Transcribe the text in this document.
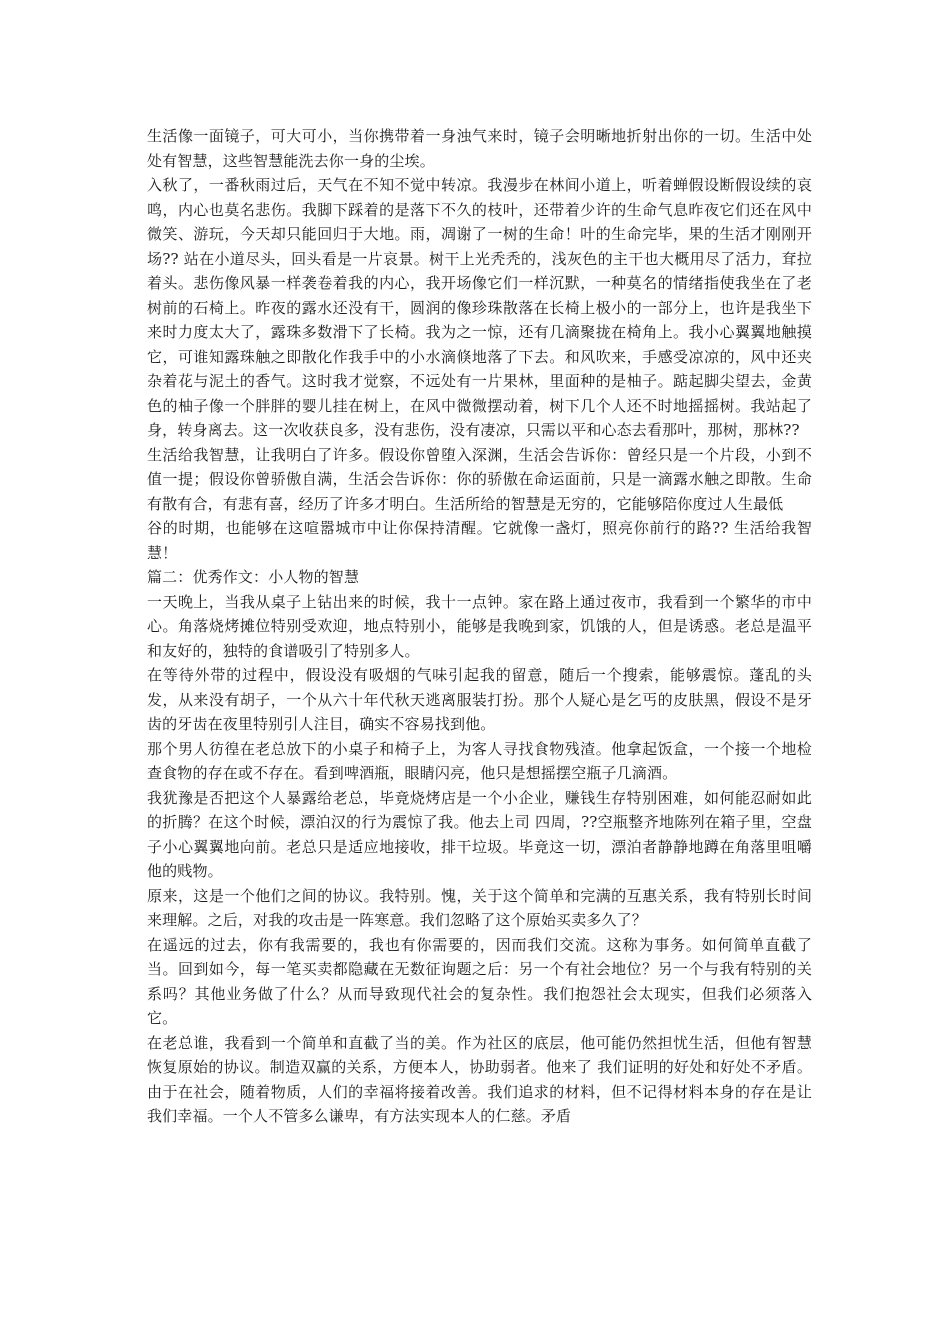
生活像一面镜子，可大可小，当你携带着一身浊气来时，镜子会明晰地折射出你的一切。生活中处处有智慧，这些智慧能洗去你一身的尘埃。

入秋了，一番秋雨过后，天气在不知不觉中转凉。我漫步在林间小道上，听着蝉假设断假设续的哀鸣，内心也莫名悲伤。我脚下踩着的是落下不久的枝叶，还带着少许的生命气息昨夜它们还在风中微笑、游玩，今天却只能回归于大地。雨，凋谢了一树的生命！叶的生命完毕，果的生活才刚刚开场?? 站在小道尽头，回头看是一片哀景。树干上光秃秃的，浅灰色的主干也大概用尽了活力，耷拉着头。悲伤像风暴一样袭卷着我的内心，我开场像它们一样沉默，一种莫名的情绪指使我坐在了老树前的石椅上。昨夜的露水还没有干，圆润的像珍珠散落在长椅上极小的一部分上，也许是我坐下来时力度太大了，露珠多数滑下了长椅。我为之一惊，还有几滴聚拢在椅角上。我小心翼翼地触摸它，可谁知露珠触之即散化作我手中的小水滴倏地落了下去。和风吹来，手感受凉凉的，风中还夹杂着花与泥土的香气。这时我才觉察，不远处有一片果林，里面种的是柚子。踮起脚尖望去，金黄色的柚子像一个胖胖的婴儿挂在树上，在风中微微摆动着，树下几个人还不时地摇摇树。我站起了身，转身离去。这一次收获良多，没有悲伤，没有凄凉，只需以平和心态去看那叶，那树，那林??

生活给我智慧，让我明白了许多。假设你曾堕入深渊，生活会告诉你：曾经只是一个片段，小到不值一提；假设你曾骄傲自满，生活会告诉你：你的骄傲在命运面前，只是一滴露水触之即散。生命有散有合，有悲有喜，经历了许多才明白。生活所给的智慧是无穷的，它能够陪你度过人生最低

谷的时期，也能够在这喧嚣城市中让你保持清醒。它就像一盏灯，照亮你前行的路?? 生活给我智慧！

篇二：优秀作文：小人物的智慧

一天晚上，当我从桌子上钻出来的时候，我十一点钟。家在路上通过夜市，我看到一个繁华的市中心。角落烧烤摊位特别受欢迎，地点特别小，能够是我晚到家，饥饿的人，但是诱惑。老总是温平和友好的，独特的食谱吸引了特别多人。

在等待外带的过程中，假设没有吸烟的气味引起我的留意，随后一个搜索，能够震惊。蓬乱的头发，从来没有胡子，一个从六十年代秋天逃离服装打扮。那个人疑心是乞丐的皮肤黑，假设不是牙齿的牙齿在夜里特别引人注目，确实不容易找到他。

那个男人彷徨在老总放下的小桌子和椅子上，为客人寻找食物残渣。他拿起饭盒，一个接一个地检查食物的存在或不存在。看到啤酒瓶，眼睛闪亮，他只是想摇摆空瓶子几滴酒。

我犹豫是否把这个人暴露给老总，毕竟烧烤店是一个小企业，赚钱生存特别困难，如何能忍耐如此的折腾？在这个时候，漂泊汉的行为震惊了我。他去上司 四周，??空瓶整齐地陈列在箱子里，空盘子小心翼翼地向前。老总只是适应地接收，排干垃圾。毕竟这一切，漂泊者静静地蹲在角落里咀嚼他的贱物。

原来，这是一个他们之间的协议。我特别。愧，关于这个简单和完满的互惠关系，我有特别长时间来理解。之后，对我的攻击是一阵寒意。我们忽略了这个原始买卖多久了？

在遥远的过去，你有我需要的，我也有你需要的，因而我们交流。这称为事务。如何简单直截了当。回到如今，每一笔买卖都隐藏在无数征询题之后：另一个有社会地位？另一个与我有特别的关系吗？其他业务做了什么？从而导致现代社会的复杂性。我们抱怨社会太现实，但我们必须落入它。

在老总谁，我看到一个简单和直截了当的美。作为社区的底层，他可能仍然担忧生活，但他有智慧恢复原始的协议。制造双赢的关系，方便本人，协助弱者。他来了 我们证明的好处和好处不矛盾。由于在社会，随着物质，人们的幸福将接着改善。我们追求的材料，但不记得材料本身的存在是让我们幸福。一个人不管多么谦卑，有方法实现本人的仁慈。矛盾
